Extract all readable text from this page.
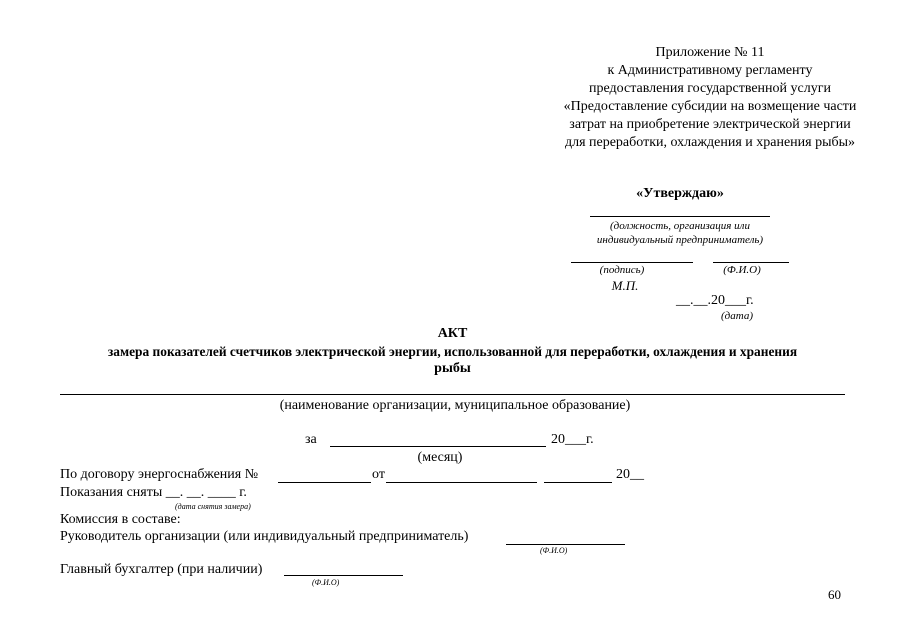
Приложение № 11
к Административному регламенту
предоставления государственной услуги
«Предоставление субсидии на возмещение части
затрат на приобретение электрической энергии
для переработки, охлаждения и хранения рыбы»
«Утверждаю»
(должность, организация или
индивидуальный предприниматель)
(подпись)	(Ф.И.О)
М.П.
__.__.20___г.
(дата)
АКТ
замера показателей счетчиков электрической энергии, использованной для переработки, охлаждения и хранения
рыбы
(наименование организации, муниципальное образование)
за	20___г.
(месяц)
По договору энергоснабжения №	от	20__
Показания сняты __. __. ____ г.
(дата снятия замера)
Комиссия в составе:
Руководитель организации (или индивидуальный предприниматель)
(Ф.И.О)
Главный бухгалтер (при наличии)
(Ф.И.О)
60
